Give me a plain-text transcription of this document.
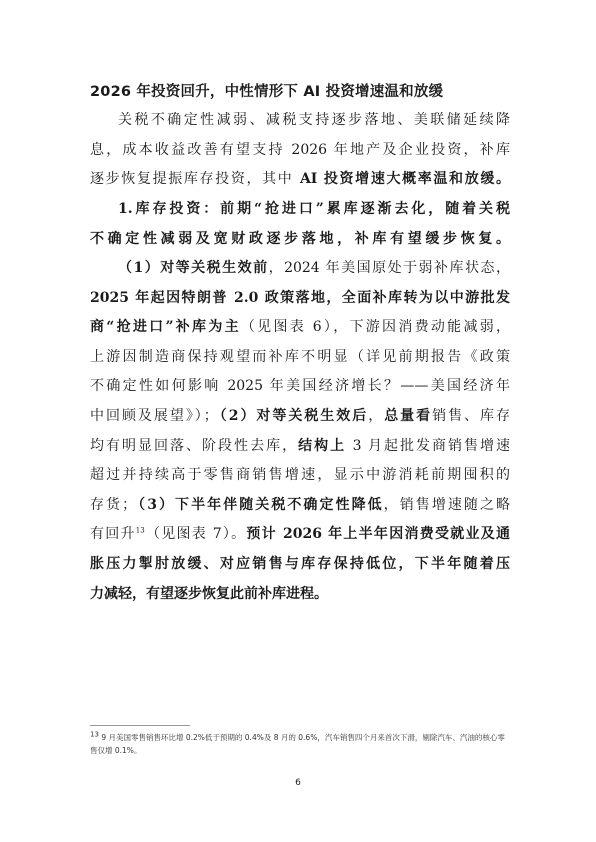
2026 年投资回升，中性情形下 AI 投资增速温和放缓
关税不确定性减弱、减税支持逐步落地、美联储延续降
息，成本收益改善有望支持 2026 年地产及企业投资，补库
逐步恢复提振库存投资，其中 AI 投资增速大概率温和放缓。
1.库存投资：前期“抢进口”累库逐渐去化，随着关税
不确定性减弱及宽财政逐步落地，补库有望缓步恢复。
（1）对等关税生效前，2024 年美国原处于弱补库状态，
2025 年起因特朗普 2.0 政策落地，全面补库转为以中游批发
商“抢进口”补库为主（见图表 6），下游因消费动能减弱，
上游因制造商保持观望而补库不明显（详见前期报告《政策
不确定性如何影响 2025 年美国经济增长？——美国经济年
中回顾及展望》）；（2）对等关税生效后，总量看销售、库存
均有明显回落、阶段性去库，结构上 3 月起批发商销售增速
超过并持续高于零售商销售增速，显示中游消耗前期囤积的
存货；（3）下半年伴随关税不确定性降低，销售增速随之略
有回升$^{13}$（见图表 7）。预计 2026 年上半年因消费受就业及通
胀压力掣肘放缓、对应销售与库存保持低位，下半年随着压
力减轻，有望逐步恢复此前补库进程。
13 9 月美国零售销售环比增 0.2%低于预期的 0.4%及 8 月的 0.6%，汽车销售四个月来首次下滑，剔除汽车、汽油的核心零售仅增 0.1%。
6
